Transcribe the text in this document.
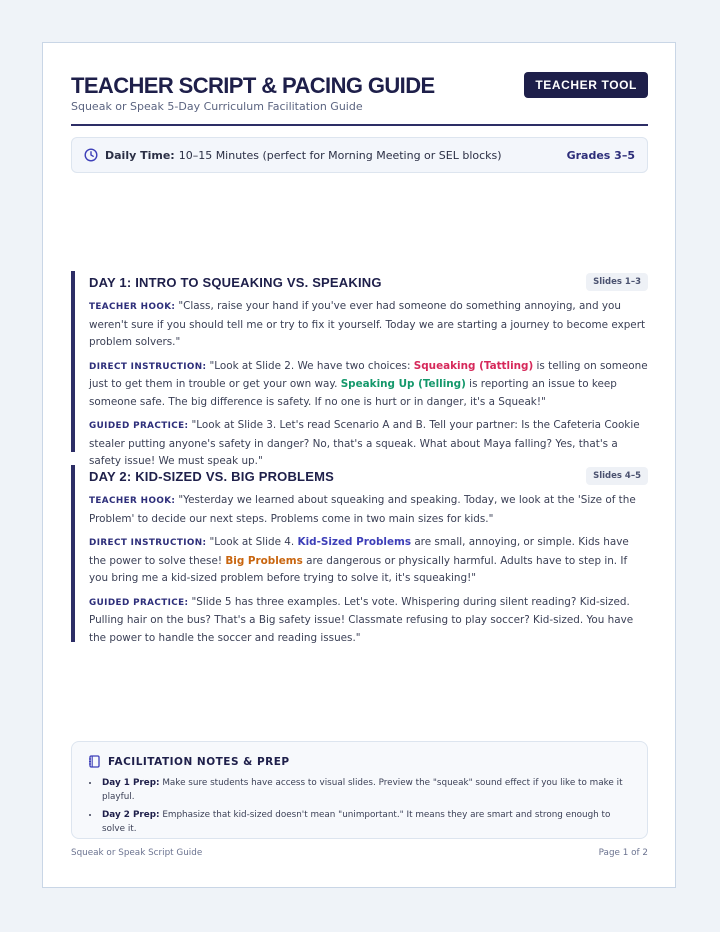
TEACHER SCRIPT & PACING GUIDE
Squeak or Speak 5-Day Curriculum Facilitation Guide
TEACHER TOOL
Daily Time: 10–15 Minutes (perfect for Morning Meeting or SEL blocks)	Grades 3–5
DAY 1: INTRO TO SQUEAKING VS. SPEAKING	Slides 1–3
TEACHER HOOK: "Class, raise your hand if you've ever had someone do something annoying, and you weren't sure if you should tell me or try to fix it yourself. Today we are starting a journey to become expert problem solvers."
DIRECT INSTRUCTION: "Look at Slide 2. We have two choices: Squeaking (Tattling) is telling on someone just to get them in trouble or get your own way. Speaking Up (Telling) is reporting an issue to keep someone safe. The big difference is safety. If no one is hurt or in danger, it's a Squeak!"
GUIDED PRACTICE: "Look at Slide 3. Let's read Scenario A and B. Tell your partner: Is the Cafeteria Cookie stealer putting anyone's safety in danger? No, that's a squeak. What about Maya falling? Yes, that's a safety issue! We must speak up."
DAY 2: KID-SIZED VS. BIG PROBLEMS	Slides 4–5
TEACHER HOOK: "Yesterday we learned about squeaking and speaking. Today, we look at the 'Size of the Problem' to decide our next steps. Problems come in two main sizes for kids."
DIRECT INSTRUCTION: "Look at Slide 4. Kid-Sized Problems are small, annoying, or simple. Kids have the power to solve these! Big Problems are dangerous or physically harmful. Adults have to step in. If you bring me a kid-sized problem before trying to solve it, it's squeaking!"
GUIDED PRACTICE: "Slide 5 has three examples. Let's vote. Whispering during silent reading? Kid-sized. Pulling hair on the bus? That's a Big safety issue! Classmate refusing to play soccer? Kid-sized. You have the power to handle the soccer and reading issues."
FACILITATION NOTES & PREP
• Day 1 Prep: Make sure students have access to visual slides. Preview the "squeak" sound effect if you like to make it playful.
• Day 2 Prep: Emphasize that kid-sized doesn't mean "unimportant." It means they are smart and strong enough to solve it.
Squeak or Speak Script Guide	Page 1 of 2
